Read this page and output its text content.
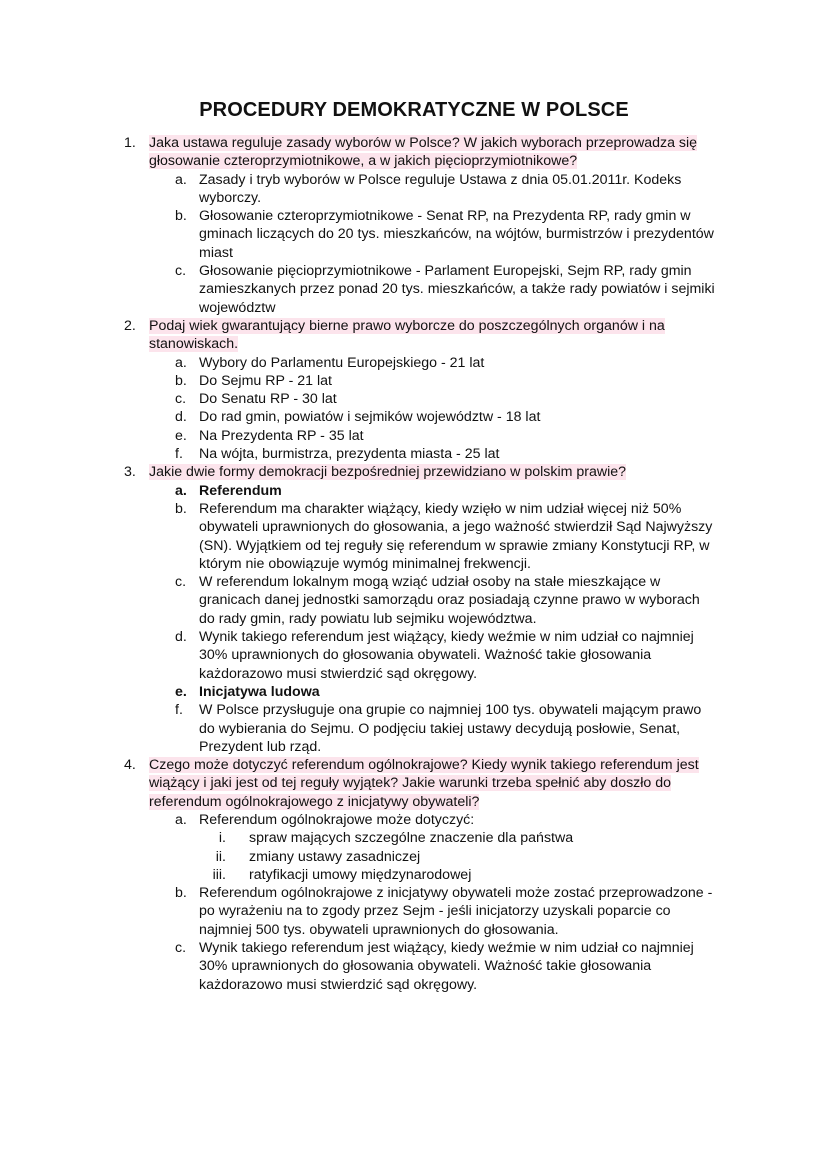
PROCEDURY DEMOKRATYCZNE W POLSCE
1. Jaka ustawa reguluje zasady wyborów w Polsce? W jakich wyborach przeprowadza się głosowanie czteroprzymiotnikowe, a w jakich pięcioprzymiotnikowe?
a. Zasady i tryb wyborów w Polsce reguluje Ustawa z dnia 05.01.2011r. Kodeks wyborczy.
b. Głosowanie czteroprzymiotnikowe - Senat RP, na Prezydenta RP, rady gmin w gminach liczących do 20 tys. mieszkańców, na wójtów, burmistrzów i prezydentów miast
c. Głosowanie pięcioprzymiotnikowe - Parlament Europejski, Sejm RP, rady gmin zamieszkanych przez ponad 20 tys. mieszkańców, a także rady powiatów i sejmiki województw
2. Podaj wiek gwarantujący bierne prawo wyborcze do poszczególnych organów i na stanowiskach.
a. Wybory do Parlamentu Europejskiego - 21 lat
b. Do Sejmu RP - 21 lat
c. Do Senatu RP - 30 lat
d. Do rad gmin, powiatów i sejmików województw - 18 lat
e. Na Prezydenta RP - 35 lat
f. Na wójta, burmistrza, prezydenta miasta - 25 lat
3. Jakie dwie formy demokracji bezpośredniej przewidziano w polskim prawie?
a. Referendum
b. Referendum ma charakter wiążący, kiedy wzięło w nim udział więcej niż 50% obywateli uprawnionych do głosowania, a jego ważność stwierdził Sąd Najwyższy (SN). Wyjątkiem od tej reguły się referendum w sprawie zmiany Konstytucji RP, w którym nie obowiązuje wymóg minimalnej frekwencji.
c. W referendum lokalnym mogą wziąć udział osoby na stałe mieszkające w granicach danej jednostki samorządu oraz posiadają czynne prawo w wyborach do rady gmin, rady powiatu lub sejmiku województwa.
d. Wynik takiego referendum jest wiążący, kiedy weźmie w nim udział co najmniej 30% uprawnionych do głosowania obywateli. Ważność takie głosowania każdorazowo musi stwierdzić sąd okręgowy.
e. Inicjatywa ludowa
f. W Polsce przysługuje ona grupie co najmniej 100 tys. obywateli mającym prawo do wybierania do Sejmu. O podjęciu takiej ustawy decydują posłowie, Senat, Prezydent lub rząd.
4. Czego może dotyczyć referendum ogólnokrajowe? Kiedy wynik takiego referendum jest wiążący i jaki jest od tej reguły wyjątek? Jakie warunki trzeba spełnić aby doszło do referendum ogólnokrajowego z inicjatywy obywateli?
a. Referendum ogólnokrajowe może dotyczyć:
i. spraw mających szczególne znaczenie dla państwa
ii. zmiany ustawy zasadniczej
iii. ratyfikacji umowy międzynarodowej
b. Referendum ogólnokrajowe z inicjatywy obywateli może zostać przeprowadzone - po wyrażeniu na to zgody przez Sejm - jeśli inicjatorzy uzyskali poparcie co najmniej 500 tys. obywateli uprawnionych do głosowania.
c. Wynik takiego referendum jest wiążący, kiedy weźmie w nim udział co najmniej 30% uprawnionych do głosowania obywateli. Ważność takie głosowania każdorazowo musi stwierdzić sąd okręgowy.
